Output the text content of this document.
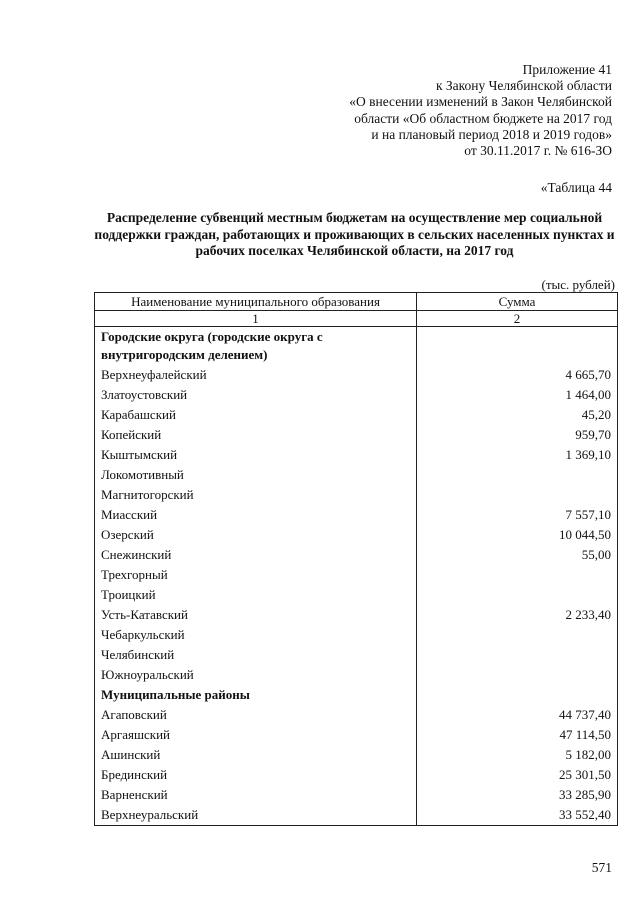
Приложение 41
к Закону Челябинской области
«О внесении изменений в Закон Челябинской
области «Об областном бюджете на 2017 год
и на плановый период 2018 и 2019 годов»
от 30.11.2017 г. № 616-ЗО
«Таблица 44
Распределение субвенций местным бюджетам на осуществление мер социальной поддержки граждан, работающих и проживающих в сельских населенных пунктах и рабочих поселках Челябинской области, на 2017 год
(тыс. рублей)
Наименование муниципального образования	Сумма
1	2
Городские округа (городские округа с внутригородским делением)	
Верхнеуфалейский	4 665,70
Златоустовский	1 464,00
Карабашский	45,20
Копейский	959,70
Кыштымский	1 369,10
Локомотивный	
Магнитогорский	
Миасский	7 557,10
Озерский	10 044,50
Снежинский	55,00
Трехгорный	
Троицкий	
Усть-Катавский	2 233,40
Чебаркульский	
Челябинский	
Южноуральский	
Муниципальные районы	
Агаповский	44 737,40
Аргаяшский	47 114,50
Ашинский	5 182,00
Брединский	25 301,50
Варненский	33 285,90
Верхнеуральский	33 552,40
571
